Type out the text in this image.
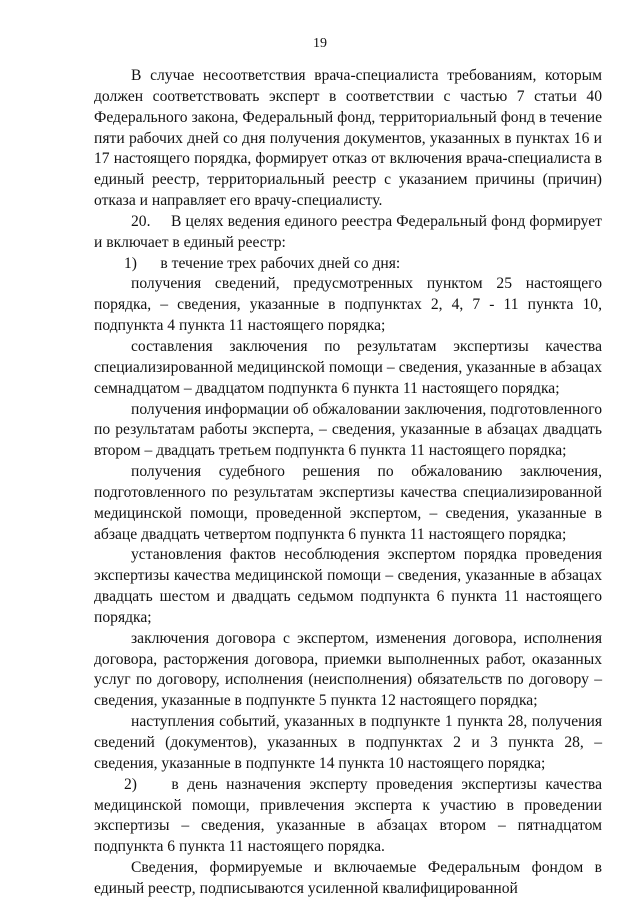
19

В случае несоответствия врача-специалиста требованиям, которым должен соответствовать эксперт в соответствии с частью 7 статьи 40 Федерального закона, Федеральный фонд, территориальный фонд в течение пяти рабочих дней со дня получения документов, указанных в пунктах 16 и 17 настоящего порядка, формирует отказ от включения врача-специалиста в единый реестр, территориальный реестр с указанием причины (причин) отказа и направляет его врачу-специалисту.

20.     В целях ведения единого реестра Федеральный фонд формирует и включает в единый реестр:

1)      в течение трех рабочих дней со дня:

получения сведений, предусмотренных пунктом 25 настоящего порядка, – сведения, указанные в подпунктах 2, 4, 7 - 11 пункта 10, подпункта 4 пункта 11 настоящего порядка;

составления заключения по результатам экспертизы качества специализированной медицинской помощи – сведения, указанные в абзацах семнадцатом – двадцатом подпункта 6 пункта 11 настоящего порядка;

получения информации об обжаловании заключения, подготовленного по результатам работы эксперта, – сведения, указанные в абзацах двадцать втором – двадцать третьем подпункта 6 пункта 11 настоящего порядка;

получения судебного решения по обжалованию заключения, подготовленного по результатам экспертизы качества специализированной медицинской помощи, проведенной экспертом, – сведения, указанные в абзаце двадцать четвертом подпункта 6 пункта 11 настоящего порядка;

установления фактов несоблюдения экспертом порядка проведения экспертизы качества медицинской помощи – сведения, указанные в абзацах двадцать шестом и двадцать седьмом подпункта 6 пункта 11 настоящего порядка;

заключения договора с экспертом, изменения договора, исполнения договора, расторжения договора, приемки выполненных работ, оказанных услуг по договору, исполнения (неисполнения) обязательств по договору – сведения, указанные в подпункте 5 пункта 12 настоящего порядка;

наступления событий, указанных в подпункте 1 пункта 28, получения сведений (документов), указанных в подпунктах 2 и 3 пункта 28, – сведения, указанные в подпункте 14 пункта 10 настоящего порядка;

2)    в день назначения эксперту проведения экспертизы качества медицинской помощи, привлечения эксперта к участию в проведении экспертизы – сведения, указанные в абзацах втором – пятнадцатом подпункта 6 пункта 11 настоящего порядка.

Сведения, формируемые и включаемые Федеральным фондом в единый реестр, подписываются усиленной квалифицированной
